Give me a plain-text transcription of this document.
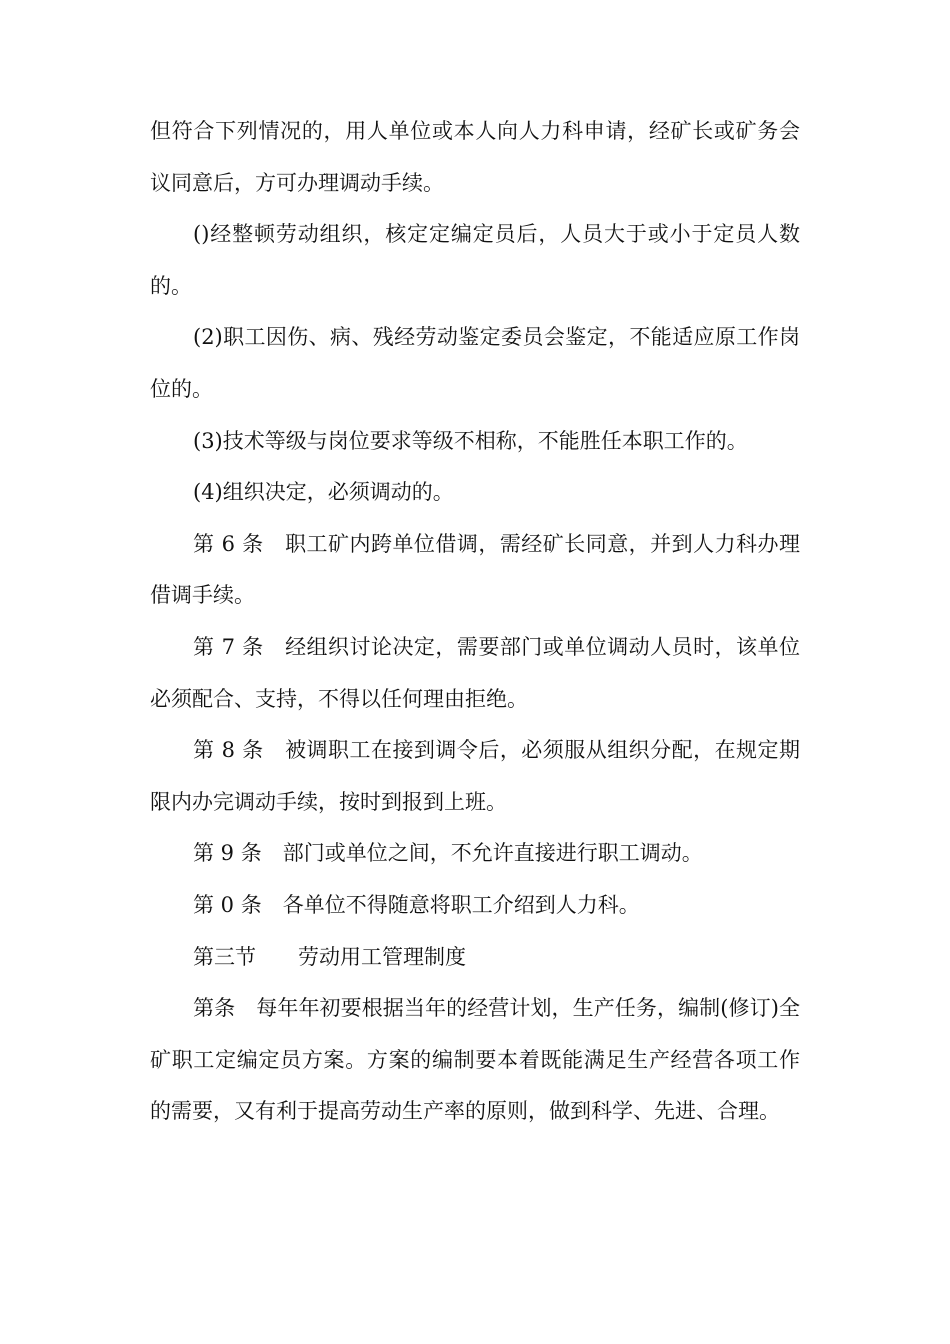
但符合下列情况的，用人单位或本人向人力科申请，经矿长或矿务会议同意后，方可办理调动手续。

()经整顿劳动组织，核定定编定员后，人员大于或小于定员人数的。

(2)职工因伤、病、残经劳动鉴定委员会鉴定，不能适应原工作岗位的。

(3)技术等级与岗位要求等级不相称，不能胜任本职工作的。

(4)组织决定，必须调动的。

第 6 条　职工矿内跨单位借调，需经矿长同意，并到人力科办理借调手续。

第 7 条　经组织讨论决定，需要部门或单位调动人员时，该单位必须配合、支持，不得以任何理由拒绝。

第 8 条　被调职工在接到调令后，必须服从组织分配，在规定期限内办完调动手续，按时到报到上班。

第 9 条　部门或单位之间，不允许直接进行职工调动。

第 0 条　各单位不得随意将职工介绍到人力科。

第三节　　劳动用工管理制度

第条　每年年初要根据当年的经营计划，生产任务，编制(修订)全矿职工定编定员方案。方案的编制要本着既能满足生产经营各项工作的需要，又有利于提高劳动生产率的原则，做到科学、先进、合理。
